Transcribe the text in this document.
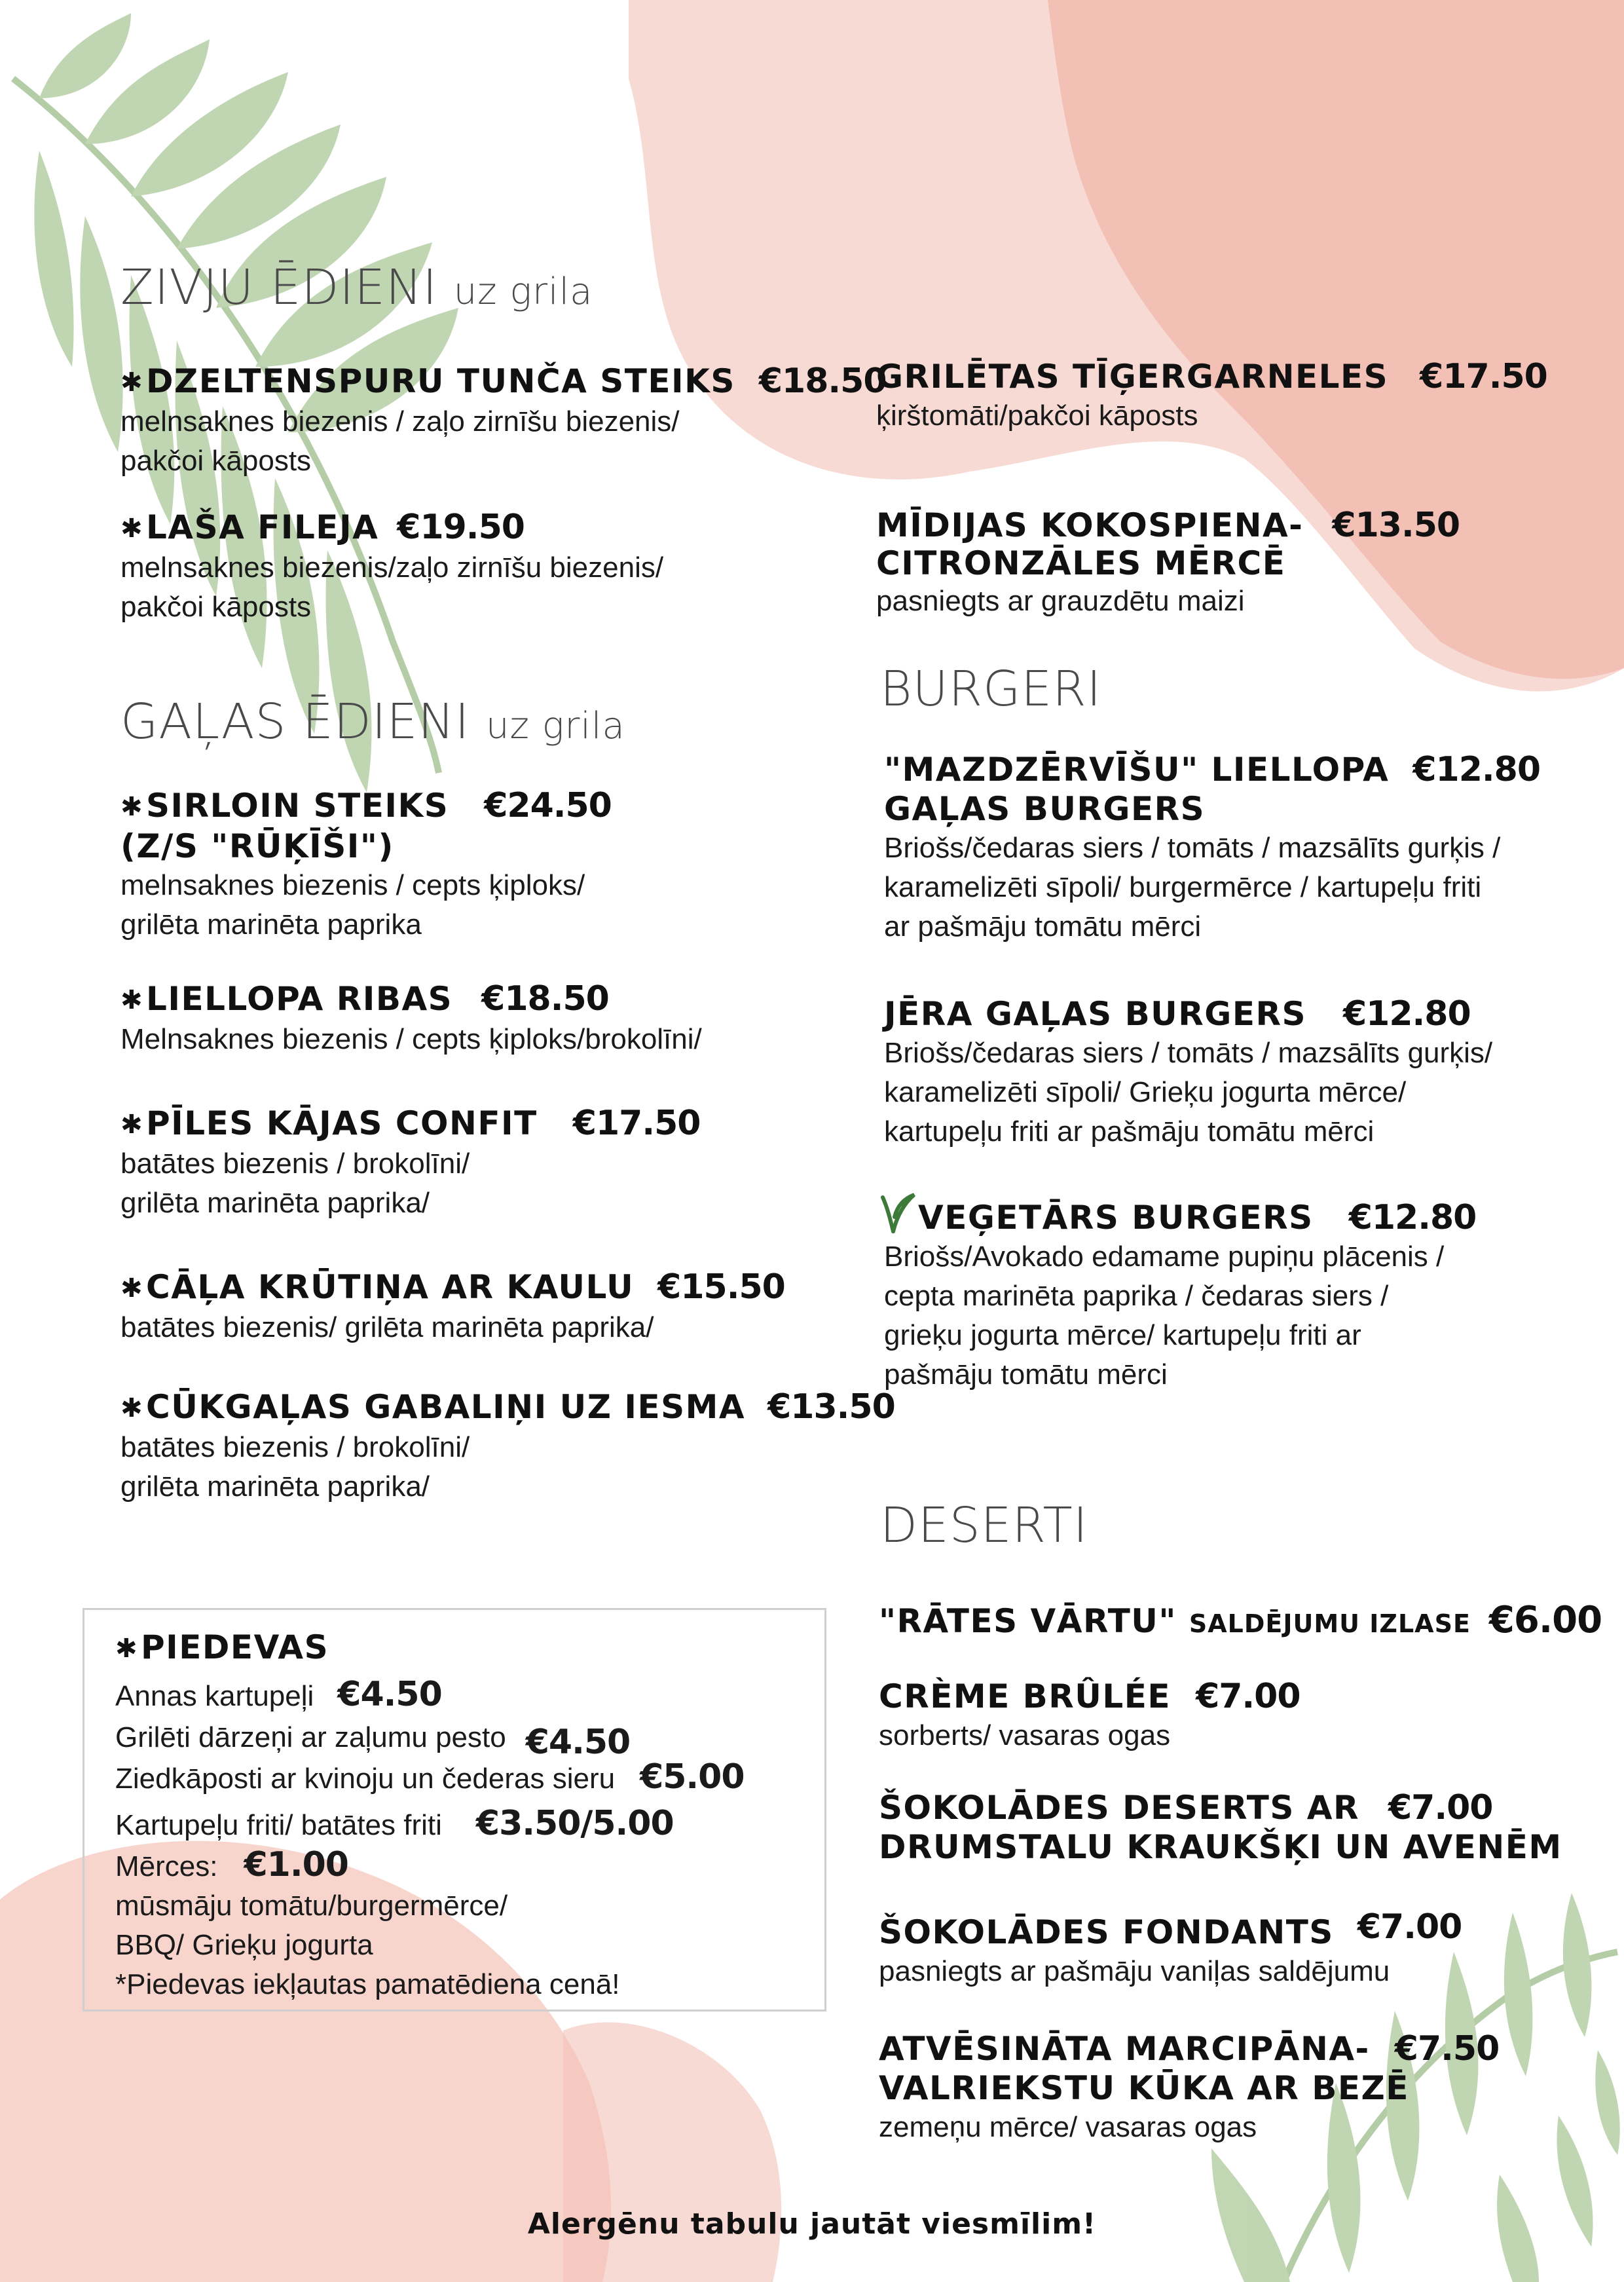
ZIVJU ĒDIENI uz grila
✱DZELTENSPURU TUNČA STEIKS €18.50
melnsaknes biezenis / zaļo zirnīšu biezenis/
pakčoi kāposts
✱LAŠA FILEJA €19.50
melnsaknes biezenis/zaļo zirnīšu biezenis/
pakčoi kāposts
GAĻAS ĒDIENI uz grila
✱SIRLOIN STEIKS €24.50
(Z/S "RŪĶĪŠI")
melnsaknes biezenis / cepts ķiploks/
grilēta marinēta paprika
✱LIELLOPA RIBAS €18.50
Melnsaknes biezenis / cepts ķiploks/brokolīni/
✱PĪLES KĀJAS CONFIT €17.50
batātes biezenis / brokolīni/
grilēta marinēta paprika/
✱CĀĻA KRŪTIŅA AR KAULU €15.50
batātes biezenis/ grilēta marinēta paprika/
✱CŪKGAĻAS GABALIŅI UZ IESMA €13.50
batātes biezenis / brokolīni/
grilēta marinēta paprika/
✱PIEDEVAS
Annas kartupeļi €4.50
Grilēti dārzeņi ar zaļumu pesto €4.50
Ziedkāposti ar kvinoju un čederas sieru €5.00
Kartupeļu friti/ batātes friti €3.50/5.00
Mērces: €1.00
mūsmāju tomātu/burgermērce/
BBQ/ Grieķu jogurta
*Piedevas iekļautas pamatēdiena cenā!
GRILĒTAS TĪĢERGARNELES €17.50
ķirštomāti/pakčoi kāposts
MĪDIJAS KOKOSPIENA- €13.50
CITRONZĀLES MĒRCĒ
pasniegts ar grauzdētu maizi
BURGERI
"MAZDZĒRVĪŠU" LIELLOPA €12.80
GAĻAS BURGERS
Briošs/čedaras siers / tomāts / mazsālīts gurķis /
karamelizēti sīpoli/ burgermērce / kartupeļu friti
ar pašmāju tomātu mērci
JĒRA GAĻAS BURGERS €12.80
Briošs/čedaras siers / tomāts / mazsālīts gurķis/
karamelizēti sīpoli/ Grieķu jogurta mērce/
kartupeļu friti ar pašmāju tomātu mērci
VEĢETĀRS BURGERS €12.80
Briošs/Avokado edamame pupiņu plācenis /
cepta marinēta paprika / čedaras siers /
grieķu jogurta mērce/ kartupeļu friti ar
pašmāju tomātu mērci
DESERTI
"RĀTES VĀRTU" SALDĒJUMU IZLASE €6.00
CRÈME BRÛLÉE €7.00
sorberts/ vasaras ogas
ŠOKOLĀDES DESERTS AR €7.00
DRUMSTALU KRAUKŠĶI UN AVENĒM
ŠOKOLĀDES FONDANTS €7.00
pasniegts ar pašmāju vaniļas saldējumu
ATVĒSINĀTA MARCIPĀNA- €7.50
VALRIEKSTU KŪKA AR BEZĒ
zemeņu mērce/ vasaras ogas
Alergēnu tabulu jautāt viesmīlim!
